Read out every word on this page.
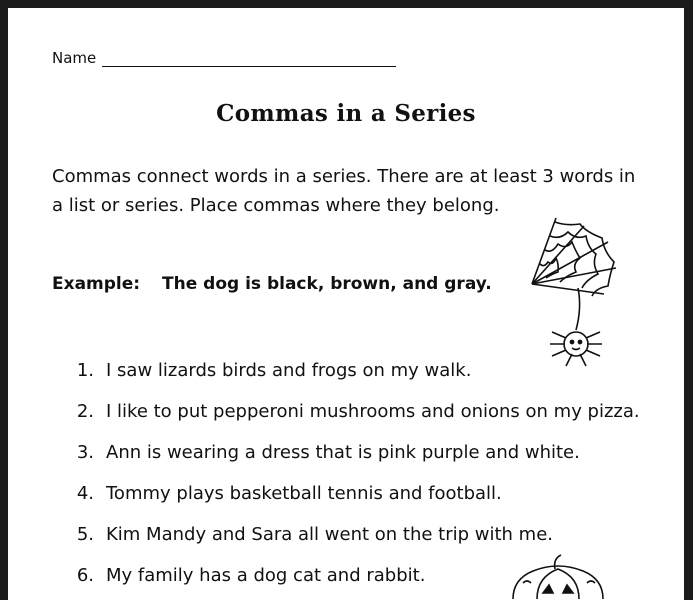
Name
Commas in a Series
Commas connect words in a series. There are at least 3 words in
a list or series. Place commas where they belong.
Example: The dog is black, brown, and gray.
1. I saw lizards birds and frogs on my walk.
2. I like to put pepperoni mushrooms and onions on my pizza.
3. Ann is wearing a dress that is pink purple and white.
4. Tommy plays basketball tennis and football.
5. Kim Mandy and Sara all went on the trip with me.
6. My family has a dog cat and rabbit.
